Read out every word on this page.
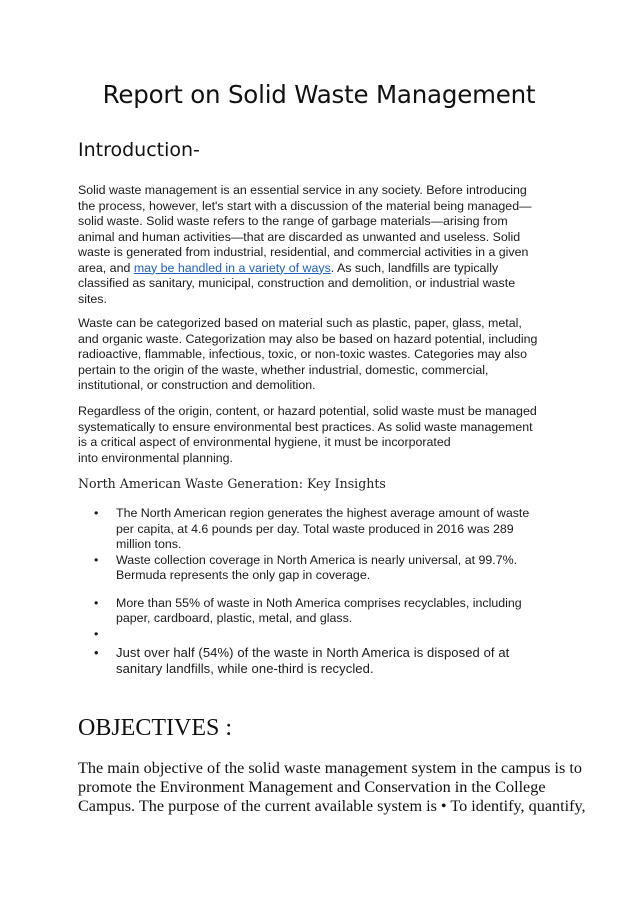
Report on Solid Waste Management
Introduction-
Solid waste management is an essential service in any society. Before introducing
the process, however, let's start with a discussion of the material being managed—
solid waste. Solid waste refers to the range of garbage materials—arising from
animal and human activities—that are discarded as unwanted and useless. Solid
waste is generated from industrial, residential, and commercial activities in a given
area, and may be handled in a variety of ways. As such, landfills are typically
classified as sanitary, municipal, construction and demolition, or industrial waste
sites.
Waste can be categorized based on material such as plastic, paper, glass, metal,
and organic waste. Categorization may also be based on hazard potential, including
radioactive, flammable, infectious, toxic, or non-toxic wastes. Categories may also
pertain to the origin of the waste, whether industrial, domestic, commercial,
institutional, or construction and demolition.
Regardless of the origin, content, or hazard potential, solid waste must be managed
systematically to ensure environmental best practices. As solid waste management
is a critical aspect of environmental hygiene, it must be incorporated
into environmental planning.
North American Waste Generation: Key Insights
• The North American region generates the highest average amount of waste
per capita, at 4.6 pounds per day. Total waste produced in 2016 was 289
million tons.
• Waste collection coverage in North America is nearly universal, at 99.7%.
Bermuda represents the only gap in coverage.
• More than 55% of waste in Noth America comprises recyclables, including
paper, cardboard, plastic, metal, and glass.
•
• Just over half (54%) of the waste in North America is disposed of at
sanitary landfills, while one-third is recycled.
OBJECTIVES :
The main objective of the solid waste management system in the campus is to
promote the Environment Management and Conservation in the College
Campus. The purpose of the current available system is • To identify, quantify,
